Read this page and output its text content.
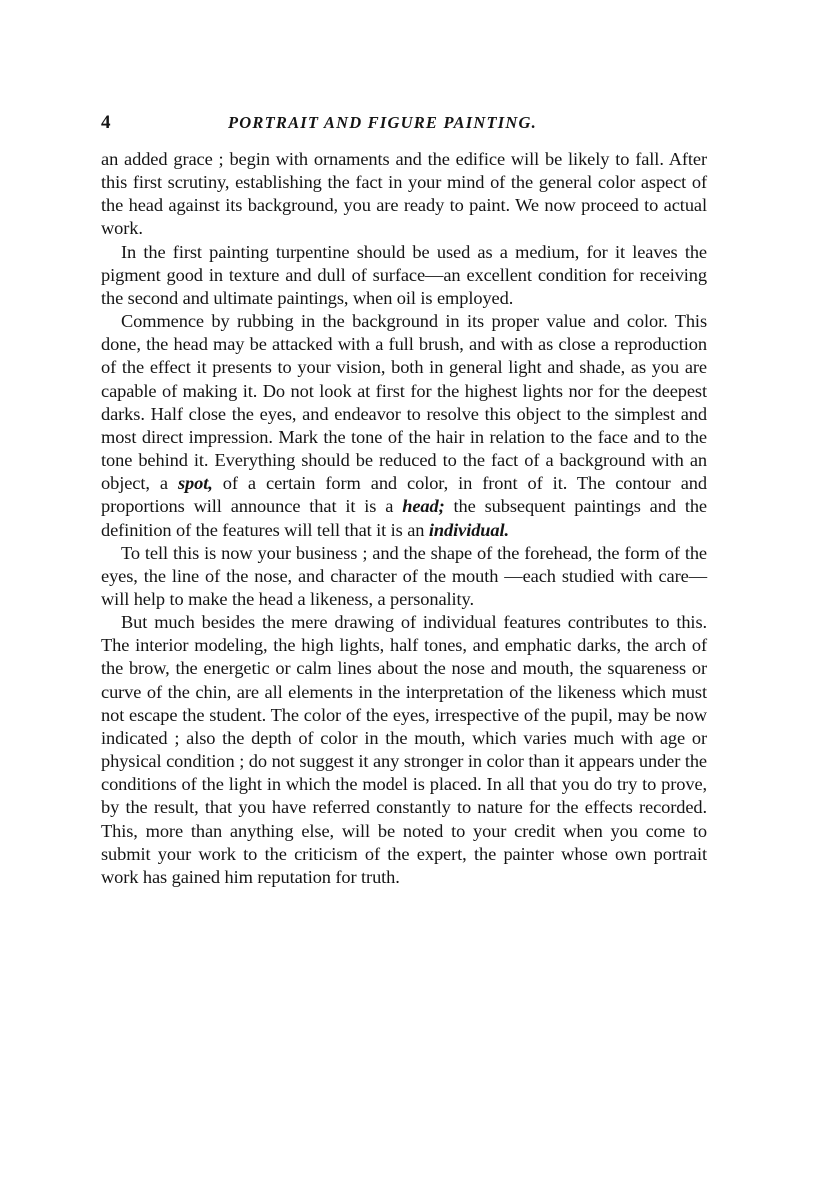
4	PORTRAIT AND FIGURE PAINTING.

an added grace ; begin with ornaments and the edifice will be likely to fall. After this first scrutiny, establishing the fact in your mind of the general color aspect of the head against its background, you are ready to paint. We now proceed to actual work.

In the first painting turpentine should be used as a medium, for it leaves the pigment good in texture and dull of surface—an excellent condition for receiving the second and ultimate paintings, when oil is employed.

Commence by rubbing in the background in its proper value and color. This done, the head may be attacked with a full brush, and with as close a reproduction of the effect it presents to your vision, both in general light and shade, as you are capable of making it. Do not look at first for the highest lights nor for the deepest darks. Half close the eyes, and endeavor to resolve this object to the simplest and most direct impression. Mark the tone of the hair in relation to the face and to the tone behind it. Everything should be reduced to the fact of a background with an object, a spot, of a certain form and color, in front of it. The contour and proportions will announce that it is a head; the subsequent paintings and the definition of the features will tell that it is an individual.

To tell this is now your business ; and the shape of the forehead, the form of the eyes, the line of the nose, and character of the mouth —each studied with care—will help to make the head a likeness, a personality.

But much besides the mere drawing of individual features contributes to this. The interior modeling, the high lights, half tones, and emphatic darks, the arch of the brow, the energetic or calm lines about the nose and mouth, the squareness or curve of the chin, are all elements in the interpretation of the likeness which must not escape the student. The color of the eyes, irrespective of the pupil, may be now indicated ; also the depth of color in the mouth, which varies much with age or physical condition ; do not suggest it any stronger in color than it appears under the conditions of the light in which the model is placed. In all that you do try to prove, by the result, that you have referred constantly to nature for the effects recorded. This, more than anything else, will be noted to your credit when you come to submit your work to the criticism of the expert, the painter whose own portrait work has gained him reputation for truth.
